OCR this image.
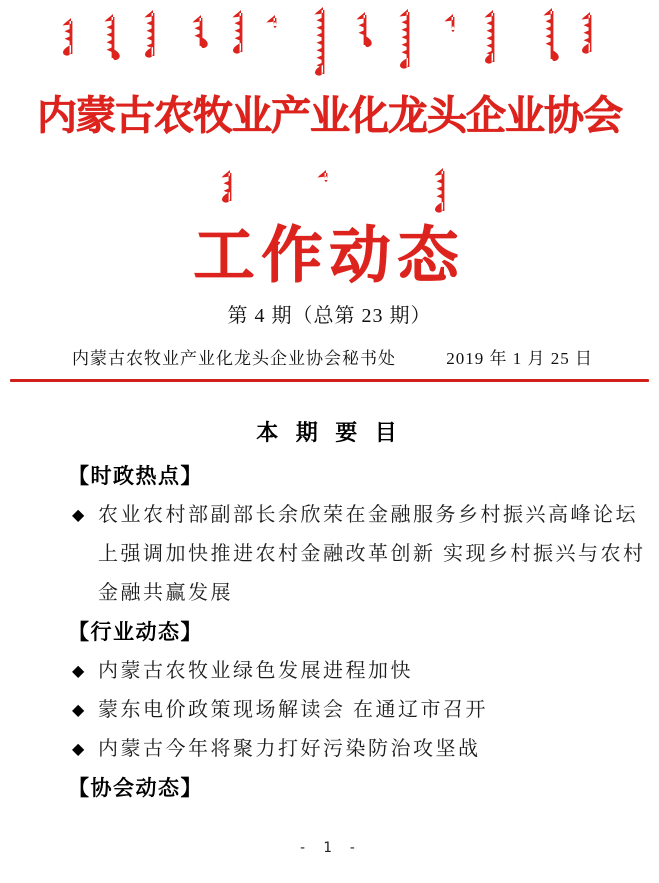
内蒙古农牧业产业化龙头企业协会
工作动态
第 4 期（总第 23 期）
内蒙古农牧业产业化龙头企业协会秘书处	2019 年 1 月 25 日
本 期 要 目
【时政热点】
◆ 农业农村部副部长余欣荣在金融服务乡村振兴高峰论坛
上强调加快推进农村金融改革创新 实现乡村振兴与农村
金融共赢发展
【行业动态】
◆ 内蒙古农牧业绿色发展进程加快
◆ 蒙东电价政策现场解读会 在通辽市召开
◆ 内蒙古今年将聚力打好污染防治攻坚战
【协会动态】
- 1 -
